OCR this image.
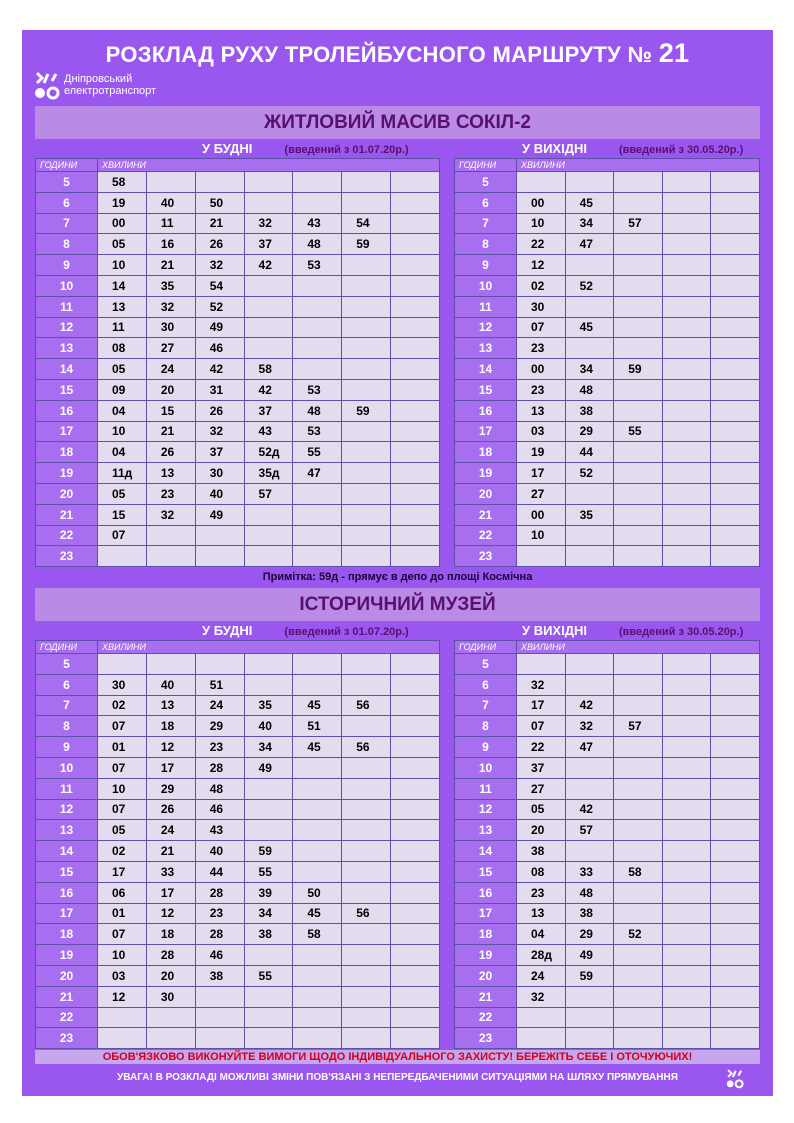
РОЗКЛАД РУХУ ТРОЛЕЙБУСНОГО МАРШРУТУ № 21
Дніпровський
електротранспорт
ЖИТЛОВИЙ МАСИВ СОКІЛ-2
У БУДНІ	(введений з 01.07.20р.)	У ВИХІДНІ	(введений з 30.05.20р.)
ГОДИНИ	ХВИЛИНИ						
5	58						
6	19	40	50				
7	00	11	21	32	43	54	
8	05	16	26	37	48	59	
9	10	21	32	42	53		
10	14	35	54				
11	13	32	52				
12	11	30	49				
13	08	27	46				
14	05	24	42	58			
15	09	20	31	42	53		
16	04	15	26	37	48	59	
17	10	21	32	43	53		
18	04	26	37	52д	55		
19	11д	13	30	35д	47		
20	05	23	40	57			
21	15	32	49				
22	07						
23							
ГОДИНИ	ХВИЛИНИ				
5					
6	00	45			
7	10	34	57		
8	22	47			
9	12				
10	02	52			
11	30				
12	07	45			
13	23				
14	00	34	59		
15	23	48			
16	13	38			
17	03	29	55		
18	19	44			
19	17	52			
20	27				
21	00	35			
22	10				
23					
Примітка: 59д - прямує в депо до площі Космічна
ІСТОРИЧНИЙ МУЗЕЙ
У БУДНІ	(введений з 01.07.20р.)	У ВИХІДНІ	(введений з 30.05.20р.)
ГОДИНИ	ХВИЛИНИ						
5							
6	30	40	51				
7	02	13	24	35	45	56	
8	07	18	29	40	51		
9	01	12	23	34	45	56	
10	07	17	28	49			
11	10	29	48				
12	07	26	46				
13	05	24	43				
14	02	21	40	59			
15	17	33	44	55			
16	06	17	28	39	50		
17	01	12	23	34	45	56	
18	07	18	28	38	58		
19	10	28	46				
20	03	20	38	55			
21	12	30					
22							
23							
ГОДИНИ	ХВИЛИНИ				
5					
6	32				
7	17	42			
8	07	32	57		
9	22	47			
10	37				
11	27				
12	05	42			
13	20	57			
14	38				
15	08	33	58		
16	23	48			
17	13	38			
18	04	29	52		
19	28д	49			
20	24	59			
21	32				
22					
23					
ОБОВ'ЯЗКОВО ВИКОНУЙТЕ ВИМОГИ ЩОДО ІНДИВІДУАЛЬНОГО ЗАХИСТУ! БЕРЕЖІТЬ СЕБЕ І ОТОЧУЮЧИХ!
УВАГА! В РОЗКЛАДІ МОЖЛИВІ ЗМІНИ ПОВ'ЯЗАНІ З НЕПЕРЕДБАЧЕНИМИ СИТУАЦІЯМИ НА ШЛЯХУ ПРЯМУВАННЯ
